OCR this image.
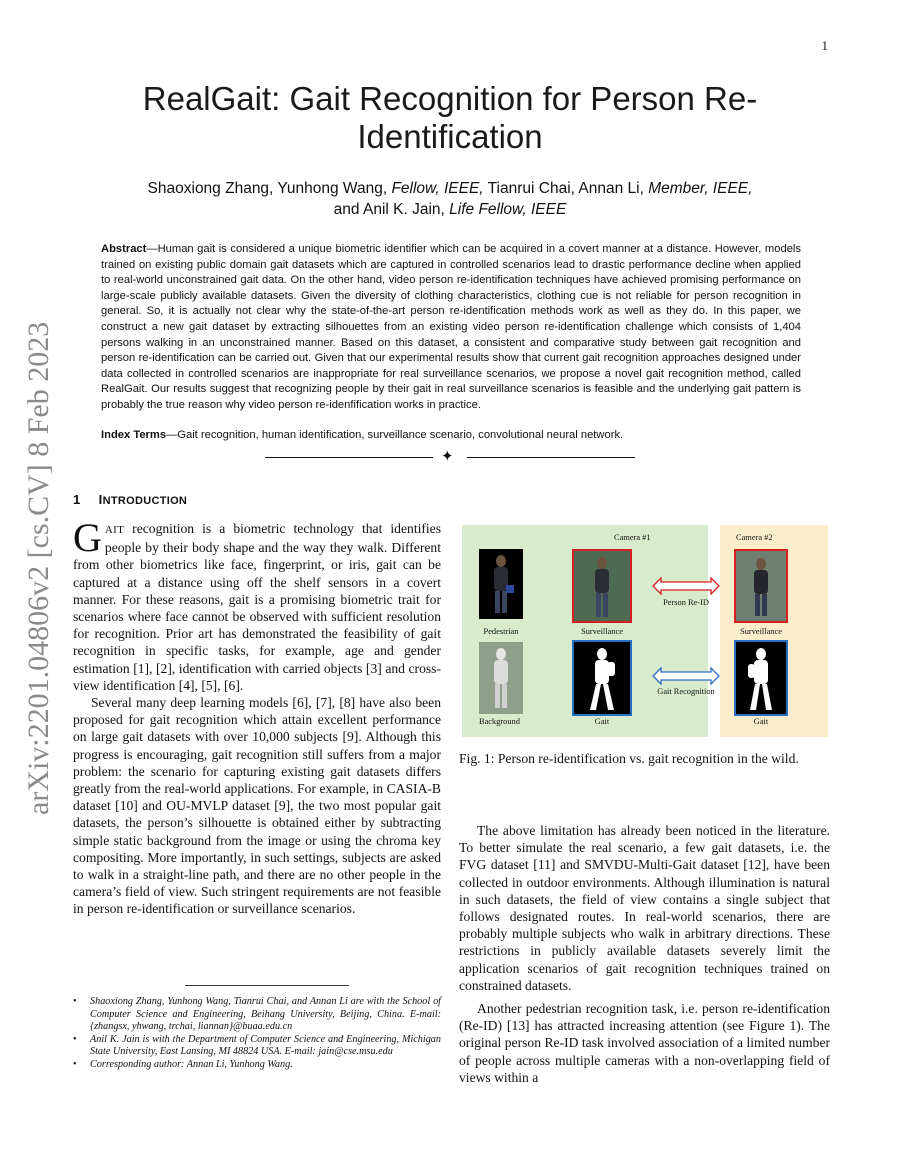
1
arXiv:2201.04806v2 [cs.CV] 8 Feb 2023
RealGait: Gait Recognition for Person Re-Identification
Shaoxiong Zhang, Yunhong Wang, Fellow, IEEE, Tianrui Chai, Annan Li, Member, IEEE,
and Anil K. Jain, Life Fellow, IEEE
Abstract—Human gait is considered a unique biometric identifier which can be acquired in a covert manner at a distance. However, models trained on existing public domain gait datasets which are captured in controlled scenarios lead to drastic performance decline when applied to real-world unconstrained gait data. On the other hand, video person re-identification techniques have achieved promising performance on large-scale publicly available datasets. Given the diversity of clothing characteristics, clothing cue is not reliable for person recognition in general. So, it is actually not clear why the state-of-the-art person re-identification methods work as well as they do. In this paper, we construct a new gait dataset by extracting silhouettes from an existing video person re-identification challenge which consists of 1,404 persons walking in an unconstrained manner. Based on this dataset, a consistent and comparative study between gait recognition and person re-identification can be carried out. Given that our experimental results show that current gait recognition approaches designed under data collected in controlled scenarios are inappropriate for real surveillance scenarios, we propose a novel gait recognition method, called RealGait. Our results suggest that recognizing people by their gait in real surveillance scenarios is feasible and the underlying gait pattern is probably the true reason why video person re-idenfification works in practice.
Index Terms—Gait recognition, human identification, surveillance scenario, convolutional neural network.
✦
1 INTRODUCTION

GAIT recognition is a biometric technology that identifies people by their body shape and the way they walk. Different from other biometrics like face, fingerprint, or iris, gait can be captured at a distance using off the shelf sensors in a covert manner. For these reasons, gait is a promising biometric trait for scenarios where face cannot be observed with sufficient resolution for recognition. Prior art has demonstrated the feasibility of gait recognition in specific tasks, for example, age and gender estimation [1], [2], identification with carried objects [3] and cross-view identification [4], [5], [6].

Several many deep learning models [6], [7], [8] have also been proposed for gait recognition which attain excellent performance on large gait datasets with over 10,000 subjects [9]. Although this progress is encouraging, gait recognition still suffers from a major problem: the scenario for capturing existing gait datasets differs greatly from the real-world applications. For example, in CASIA-B dataset [10] and OU-MVLP dataset [9], the two most popular gait datasets, the person’s silhouette is obtained either by subtracting simple static background from the image or using the chroma key compositing. More importantly, in such settings, subjects are asked to walk in a straight-line path, and there are no other people in the camera’s field of view. Such stringent requirements are not feasible in person re-identification or surveillance scenarios.

Camera #1	Camera #2
Pedestrian	Surveillance	Surveillance
Person Re-ID
Background	Gait	Gait
Gait Recognition
Fig. 1: Person re-identification vs. gait recognition in the wild.

The above limitation has already been noticed in the literature. To better simulate the real scenario, a few gait datasets, i.e. the FVG dataset [11] and SMVDU-Multi-Gait dataset [12], have been collected in outdoor environments. Although illumination is natural in such datasets, the field of view contains a single subject that follows designated routes. In real-world scenarios, there are probably multiple subjects who walk in arbitrary directions. These restrictions in publicly available datasets severely limit the application scenarios of gait recognition techniques trained on constrained datasets.

Another pedestrian recognition task, i.e. person re-identification (Re-ID) [13] has attracted increasing attention (see Figure 1). The original person Re-ID task involved association of a limited number of people across multiple cameras with a non-overlapping field of views within a

• Shaoxiong Zhang, Yunhong Wang, Tianrui Chai, and Annan Li are with the School of Computer Science and Engineering, Beihang University, Beijing, China. E-mail: {zhangsx, yhwang, trchai, liannan}@buaa.edu.cn
• Anil K. Jain is with the Department of Computer Science and Engineering, Michigan State University, East Lansing, MI 48824 USA. E-mail: jain@cse.msu.edu
• Corresponding author: Annan Li, Yunhong Wang.
